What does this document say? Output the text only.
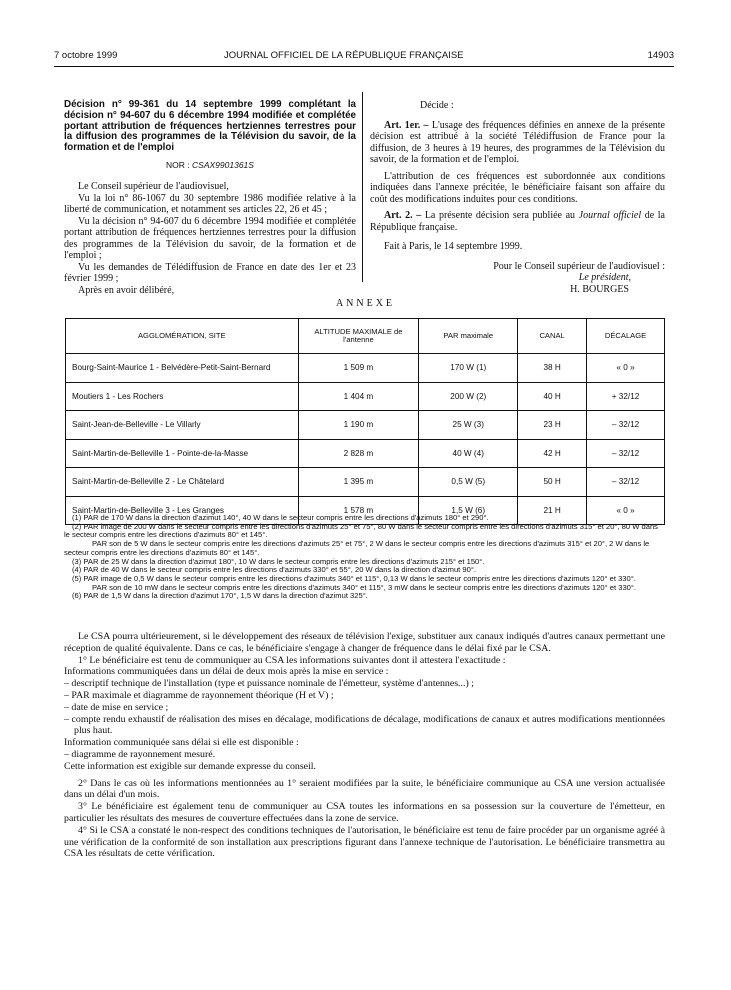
7 octobre 1999	JOURNAL OFFICIEL DE LA RÉPUBLIQUE FRANÇAISE	14903

Décision n° 99-361 du 14 septembre 1999 complétant la décision n° 94-607 du 6 décembre 1994 modifiée et complétée portant attribution de fréquences hertziennes terrestres pour la diffusion des programmes de la Télévision du savoir, de la formation et de l'emploi

NOR : CSAX9901361S

Le Conseil supérieur de l'audiovisuel,

Vu la loi n° 86-1067 du 30 septembre 1986 modifiée relative à la liberté de communication, et notamment ses articles 22, 26 et 45 ;

Vu la décision n° 94-607 du 6 décembre 1994 modifiée et complétée portant attribution de fréquences hertziennes terrestres pour la diffusion des programmes de la Télévision du savoir, de la formation et de l'emploi ;

Vu les demandes de Télédiffusion de France en date des 1er et 23 février 1999 ;

Après en avoir délibéré,

Décide :

Art. 1er. – L'usage des fréquences définies en annexe de la présente décision est attribué à la société Télédiffusion de France pour la diffusion, de 3 heures à 19 heures, des programmes de la Télévision du savoir, de la formation et de l'emploi.

L'attribution de ces fréquences est subordonnée aux conditions indiquées dans l'annexe précitée, le bénéficiaire faisant son affaire du coût des modifications induites pour ces conditions.

Art. 2. – La présente décision sera publiée au Journal officiel de la République française.

Fait à Paris, le 14 septembre 1999.

Pour le Conseil supérieur de l'audiovisuel :

Le président,

H. BOURGES

ANNEXE
AGGLOMÉRATION, SITE	ALTITUDE MAXIMALE de l'antenne	PAR maximale	CANAL	DÉCALAGE
Bourg-Saint-Maurice 1 - Belvédère-Petit-Saint-Bernard	1 509 m	170 W (1)	38 H	« 0 »
Moutiers 1 - Les Rochers	1 404 m	200 W (2)	40 H	+ 32/12
Saint-Jean-de-Belleville - Le Villarly	1 190 m	25 W (3)	23 H	– 32/12
Saint-Martin-de-Belleville 1 - Pointe-de-la-Masse	2 828 m	40 W (4)	42 H	– 32/12
Saint-Martin-de-Belleville 2 - Le Châtelard	1 395 m	0,5 W (5)	50 H	– 32/12
Saint-Martin-de-Belleville 3 - Les Granges	1 578 m	1,5 W (6)	21 H	« 0 »

(1) PAR de 170 W dans la direction d'azimut 140°, 40 W dans le secteur compris entre les directions d'azimuts 180° et 290°.

(2) PAR image de 200 W dans le secteur compris entre les directions d'azimuts 25° et 75°, 80 W dans le secteur compris entre les directions d'azimuts 315° et 20°, 80 W dans le secteur compris entre les directions d'azimuts 80° et 145°.

PAR son de 5 W dans le secteur compris entre les directions d'azimuts 25° et 75°, 2 W dans le secteur compris entre les directions d'azimuts 315° et 20°, 2 W dans le secteur compris entre les directions d'azimuts 80° et 145°.

(3) PAR de 25 W dans la direction d'azimut 180°, 10 W dans le secteur compris entre les directions d'azimuts 215° et 150°.

(4) PAR de 40 W dans le secteur compris entre les directions d'azimuts 330° et 55°, 20 W dans la direction d'azimut 90°.

(5) PAR image de 0,5 W dans le secteur compris entre les directions d'azimuts 340° et 115°, 0,13 W dans le secteur compris entre les directions d'azimuts 120° et 330°.

PAR son de 10 mW dans le secteur compris entre les directions d'azimuts 340° et 115°, 3 mW dans le secteur compris entre les directions d'azimuts 120° et 330°.

(6) PAR de 1,5 W dans la direction d'azimut 170°, 1,5 W dans la direction d'azimut 325°.

Le CSA pourra ultérieurement, si le développement des réseaux de télévision l'exige, substituer aux canaux indiqués d'autres canaux permettant une réception de qualité équivalente. Dans ce cas, le bénéficiaire s'engage à changer de fréquence dans le délai fixé par le CSA.

1° Le bénéficiaire est tenu de communiquer au CSA les informations suivantes dont il attestera l'exactitude :

Informations communiquées dans un délai de deux mois après la mise en service :

– descriptif technique de l'installation (type et puissance nominale de l'émetteur, système d'antennes...) ;

– PAR maximale et diagramme de rayonnement théorique (H et V) ;

– date de mise en service ;

– compte rendu exhaustif de réalisation des mises en décalage, modifications de décalage, modifications de canaux et autres modifications mentionnées plus haut.

Information communiquée sans délai si elle est disponible :

– diagramme de rayonnement mesuré.

Cette information est exigible sur demande expresse du conseil.

2° Dans le cas où les informations mentionnées au 1° seraient modifiées par la suite, le bénéficiaire communique au CSA une version actualisée dans un délai d'un mois.

3° Le bénéficiaire est également tenu de communiquer au CSA toutes les informations en sa possession sur la couverture de l'émetteur, en particulier les résultats des mesures de couverture effectuées dans la zone de service.

4° Si le CSA a constaté le non-respect des conditions techniques de l'autorisation, le bénéficiaire est tenu de faire procéder par un organisme agréé à une vérification de la conformité de son installation aux prescriptions figurant dans l'annexe technique de l'autorisation. Le bénéficiaire transmettra au CSA les résultats de cette vérification.
